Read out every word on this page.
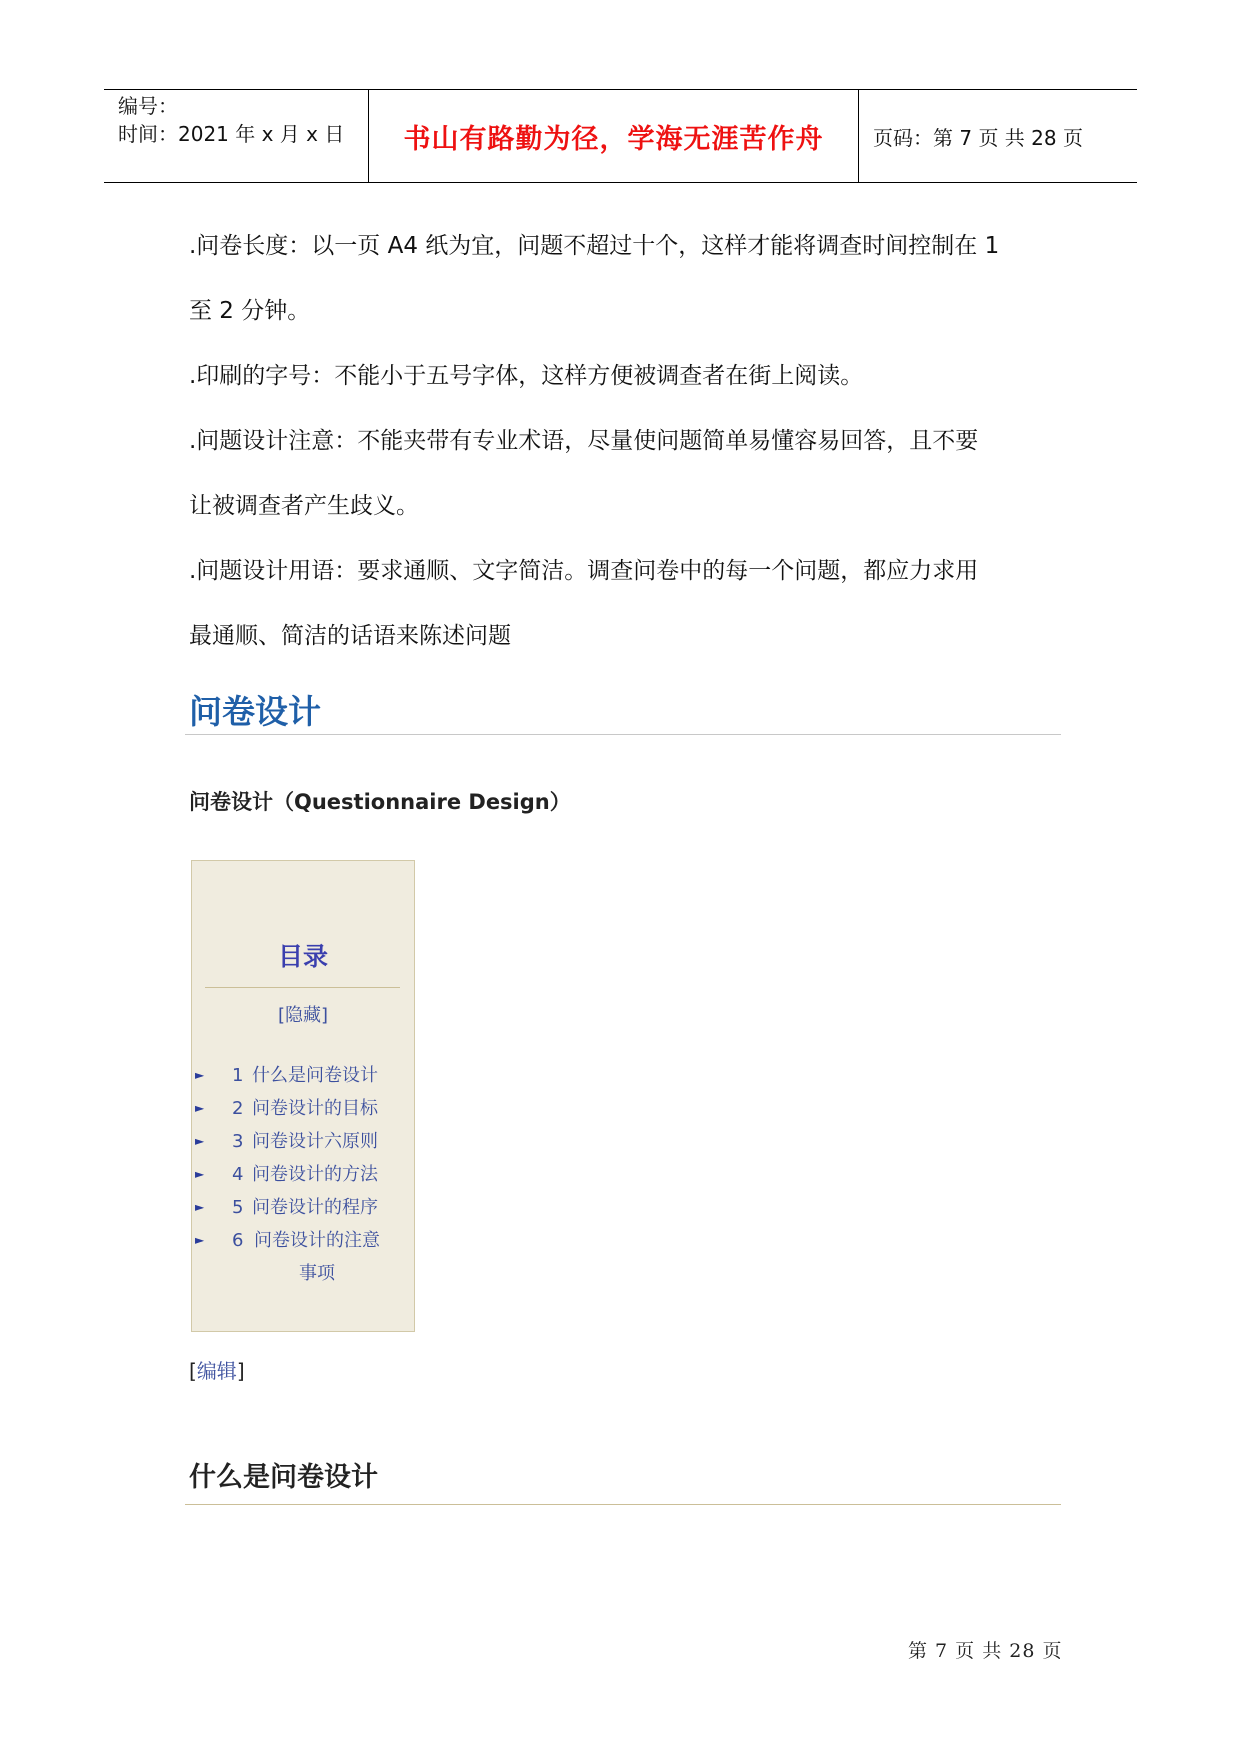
编号：
时间：2021 年 x 月 x 日	书山有路勤为径，学海无涯苦作舟	页码：第 7 页 共 28 页
.问卷长度：以一页 A4 纸为宜，问题不超过十个，这样才能将调查时间控制在 1
至 2 分钟。
.印刷的字号：不能小于五号字体，这样方便被调查者在街上阅读。
.问题设计注意：不能夹带有专业术语，尽量使问题简单易懂容易回答，且不要
让被调查者产生歧义。
.问题设计用语：要求通顺、文字简洁。调查问卷中的每一个问题，都应力求用
最通顺、简洁的话语来陈述问题
问卷设计
问卷设计（Questionnaire Design）
目录
[隐藏]
► 1 什么是问卷设计
► 2 问卷设计的目标
► 3 问卷设计六原则
► 4 问卷设计的方法
► 5 问卷设计的程序
► 6 问卷设计的注意事项
[编辑]
什么是问卷设计
第 7 页 共 28 页
